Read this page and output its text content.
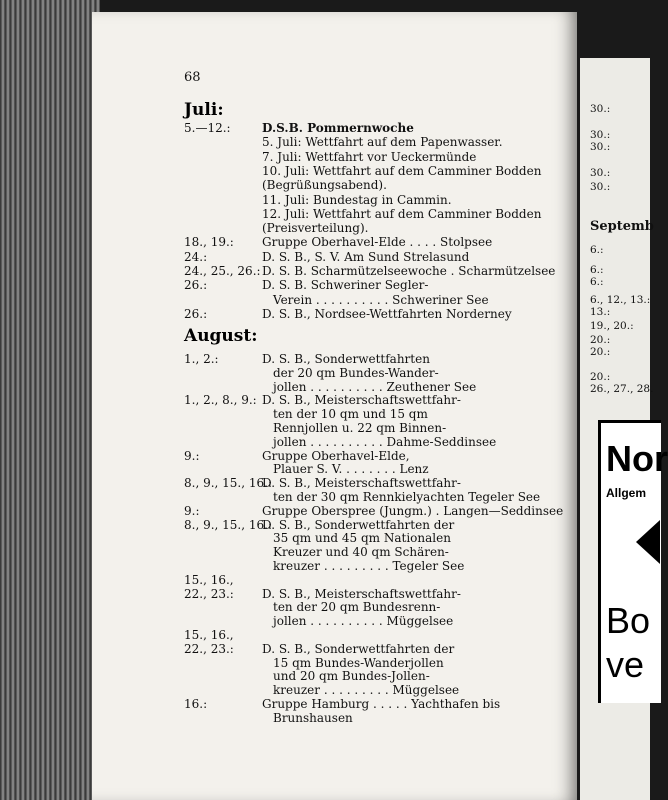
68
Juli:
August:
5.—12.:	D.S.B. Pommernwoche
5. Juli: Wettfahrt auf dem Papenwasser.
7. Juli: Wettfahrt vor Ueckermünde
10. Juli: Wettfahrt auf dem Camminer Bodden
(Begrüßungsabend).
11. Juli: Bundestag in Cammin.
12. Juli: Wettfahrt auf dem Camminer Bodden
(Preisverteilung).
18., 19.: Gruppe Oberhavel-Elde . . . . Stolpsee
24.:	D. S. B., S. V. Am Sund Strelasund
24., 25., 26.: D. S. B. Scharmützelseewoche . Scharmützelsee
26.:	D. S. B. Schweriner Segler-
Verein . . . . . . . . . . Schweriner See
26.:	D. S. B., Nordsee-Wettfahrten Norderney
1., 2.:	D. S. B., Sonderwettfahrten
der 20 qm Bundes-Wander-
jollen . . . . . . . . . . Zeuthener See
1., 2., 8., 9.: D. S. B., Meisterschaftswettfahr-
ten der 10 qm und 15 qm
Rennjollen u. 22 qm Binnen-
jollen . . . . . . . . . . Dahme-Seddinsee
9.:	Gruppe Oberhavel-Elde,
Plauer S. V. . . . . . . . Lenz
8., 9., 15., 16.:
D. S. B., Meisterschaftswettfahr-
ten der 30 qm Rennkielyachten Tegeler See
9.:	Gruppe Oberspree (Jungm.) . Langen—Seddinsee
8., 9., 15., 16.:
D. S. B., Sonderwettfahrten der
35 qm und 45 qm Nationalen
Kreuzer und 40 qm Schären-
kreuzer . . . . . . . . . Tegeler See
15., 16.,
22., 23.: D. S. B., Meisterschaftswettfahr-
ten der 20 qm Bundesrenn-
jollen . . . . . . . . . . Müggelsee
15., 16.,
22., 23.: D. S. B., Sonderwettfahrten der
15 qm Bundes-Wanderjollen
und 20 qm Bundes-Jollen-
kreuzer . . . . . . . . . Müggelsee
16.:	Gruppe Hamburg . . . . . Yachthafen bis
Brunshausen
30.:
30.:
30.:
30.:
30.:
Septemb
6.:
6.:
6.:
6., 12., 13.:
13.:
19., 20.:
20.:
20.:
20.:
26., 27., 28.
Nor
Allgem
Bo
ve
